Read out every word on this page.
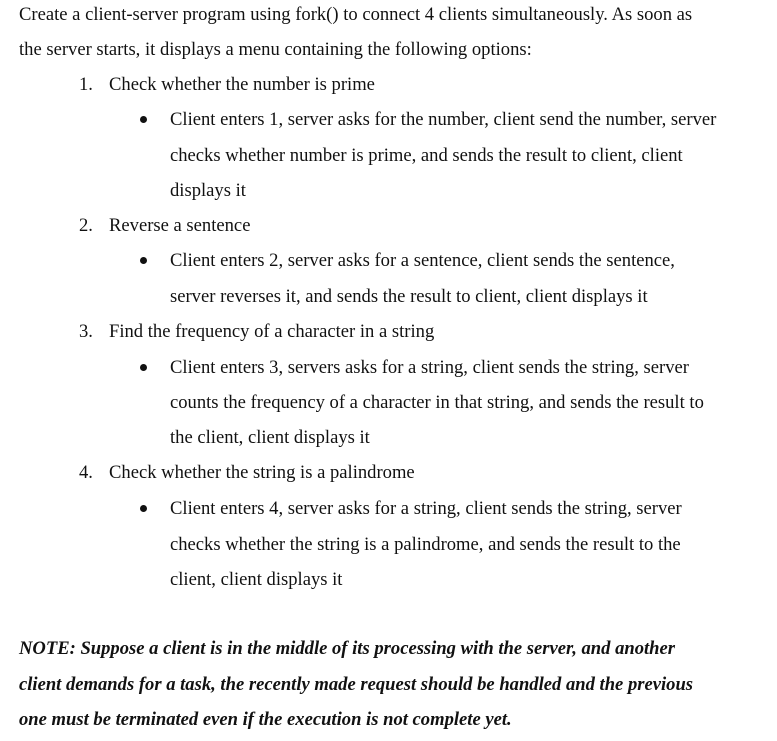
Create a client-server program using fork() to connect 4 clients simultaneously. As soon as
the server starts, it displays a menu containing the following options:
1. Check whether the number is prime
Client enters 1, server asks for the number, client send the number, server
checks whether number is prime, and sends the result to client, client
displays it
2. Reverse a sentence
Client enters 2, server asks for a sentence, client sends the sentence,
server reverses it, and sends the result to client, client displays it
3. Find the frequency of a character in a string
Client enters 3, servers asks for a string, client sends the string, server
counts the frequency of a character in that string, and sends the result to
the client, client displays it
4. Check whether the string is a palindrome
Client enters 4, server asks for a string, client sends the string, server
checks whether the string is a palindrome, and sends the result to the
client, client displays it
NOTE: Suppose a client is in the middle of its processing with the server, and another
client demands for a task, the recently made request should be handled and the previous
one must be terminated even if the execution is not complete yet.
